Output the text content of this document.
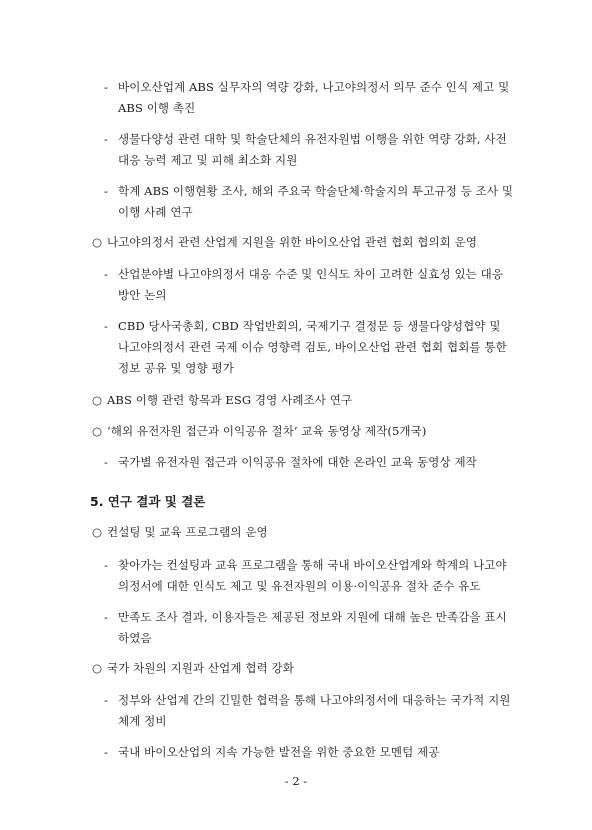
- 바이오산업계 ABS 실무자의 역량 강화, 나고야의정서 의무 준수 인식 제고 및
ABS 이행 촉진
- 생물다양성 관련 대학 및 학술단체의 유전자원법 이행을 위한 역량 강화, 사전
대응 능력 제고 및 피해 최소화 지원
- 학계 ABS 이행현황 조사, 해외 주요국 학술단체·학술지의 투고규정 등 조사 및
이행 사례 연구
○ 나고야의정서 관련 산업계 지원을 위한 바이오산업 관련 협회 협의회 운영
- 산업분야별 나고야의정서 대응 수준 및 인식도 차이 고려한 실효성 있는 대응
방안 논의
- CBD 당사국총회, CBD 작업반회의, 국제기구 결정문 등 생물다양성협약 및
나고야의정서 관련 국제 이슈 영향력 검토, 바이오산업 관련 협회 협회를 통한
정보 공유 및 영향 평가
○ ABS 이행 관련 항목과 ESG 경영 사례조사 연구
○ ‘해외 유전자원 접근과 이익공유 절차’ 교육 동영상 제작(5개국)
- 국가별 유전자원 접근과 이익공유 절차에 대한 온라인 교육 동영상 제작
5. 연구 결과 및 결론
○ 컨설팅 및 교육 프로그램의 운영
- 찾아가는 컨설팅과 교육 프로그램을 통해 국내 바이오산업계와 학계의 나고야
의정서에 대한 인식도 제고 및 유전자원의 이용·이익공유 절차 준수 유도
- 만족도 조사 결과, 이용자들은 제공된 정보와 지원에 대해 높은 만족감을 표시
하였음
○ 국가 차원의 지원과 산업계 협력 강화
- 정부와 산업계 간의 긴밀한 협력을 통해 나고야의정서에 대응하는 국가적 지원
체계 정비
- 국내 바이오산업의 지속 가능한 발전을 위한 중요한 모멘텀 제공
- 2 -
